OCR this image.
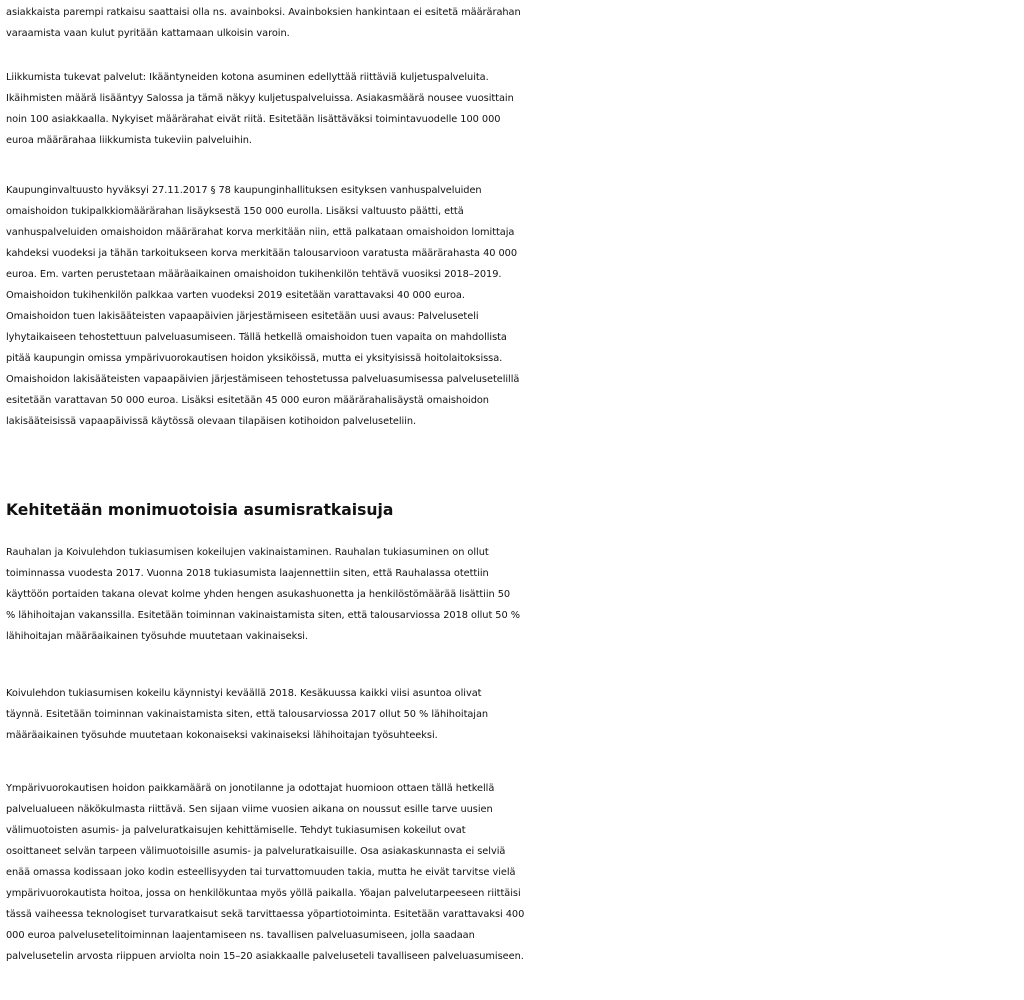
asiakkaista parempi ratkaisu saattaisi olla ns. avainboksi. Avainboksien hankintaan ei esitetä määrärahan
varaamista vaan kulut pyritään kattamaan ulkoisin varoin.
Liikkumista tukevat palvelut: Ikääntyneiden kotona asuminen edellyttää riittäviä kuljetuspalveluita.
Ikäihmisten määrä lisääntyy Salossa ja tämä näkyy kuljetuspalveluissa. Asiakasmäärä nousee vuosittain
noin 100 asiakkaalla. Nykyiset määrärahat eivät riitä. Esitetään lisättäväksi toimintavuodelle 100 000
euroa määrärahaa liikkumista tukeviin palveluihin.
Kaupunginvaltuusto hyväksyi 27.11.2017 § 78 kaupunginhallituksen esityksen vanhuspalveluiden
omaishoidon tukipalkkiomäärärahan lisäyksestä 150 000 eurolla. Lisäksi valtuusto päätti, että
vanhuspalveluiden omaishoidon määrärahat korva merkitään niin, että palkataan omaishoidon lomittaja
kahdeksi vuodeksi ja tähän tarkoitukseen korva merkitään talousarvioon varatusta määrärahasta 40 000
euroa. Em. varten perustetaan määräaikainen omaishoidon tukihenkilön tehtävä vuosiksi 2018–2019.
Omaishoidon tukihenkilön palkkaa varten vuodeksi 2019 esitetään varattavaksi 40 000 euroa.
Omaishoidon tuen lakisääteisten vapaapäivien järjestämiseen esitetään uusi avaus: Palveluseteli
lyhytaikaiseen tehostettuun palveluasumiseen. Tällä hetkellä omaishoidon tuen vapaita on mahdollista
pitää kaupungin omissa ympärivuorokautisen hoidon yksiköissä, mutta ei yksityisissä hoitolaitoksissa.
Omaishoidon lakisääteisten vapaapäivien järjestämiseen tehostetussa palveluasumisessa palvelusetelillä
esitetään varattavan 50 000 euroa. Lisäksi esitetään 45 000 euron määrärahalisäystä omaishoidon
lakisääteisissä vapaapäivissä käytössä olevaan tilapäisen kotihoidon palveluseteliin.
Kehitetään monimuotoisia asumisratkaisuja
Rauhalan ja Koivulehdon tukiasumisen kokeilujen vakinaistaminen. Rauhalan tukiasuminen on ollut
toiminnassa vuodesta 2017. Vuonna 2018 tukiasumista laajennettiin siten, että Rauhalassa otettiin
käyttöön portaiden takana olevat kolme yhden hengen asukashuonetta ja henkilöstömäärää lisättiin 50
% lähihoitajan vakanssilla. Esitetään toiminnan vakinaistamista siten, että talousarviossa 2018 ollut 50 %
lähihoitajan määräaikainen työsuhde muutetaan vakinaiseksi.
Koivulehdon tukiasumisen kokeilu käynnistyi keväällä 2018. Kesäkuussa kaikki viisi asuntoa olivat
täynnä. Esitetään toiminnan vakinaistamista siten, että talousarviossa 2017 ollut 50 % lähihoitajan
määräaikainen työsuhde muutetaan kokonaiseksi vakinaiseksi lähihoitajan työsuhteeksi.
Ympärivuorokautisen hoidon paikkamäärä on jonotilanne ja odottajat huomioon ottaen tällä hetkellä
palvelualueen näkökulmasta riittävä. Sen sijaan viime vuosien aikana on noussut esille tarve uusien
välimuotoisten asumis- ja palveluratkaisujen kehittämiselle. Tehdyt tukiasumisen kokeilut ovat
osoittaneet selvän tarpeen välimuotoisille asumis- ja palveluratkaisuille. Osa asiakaskunnasta ei selviä
enää omassa kodissaan joko kodin esteellisyyden tai turvattomuuden takia, mutta he eivät tarvitse vielä
ympärivuorokautista hoitoa, jossa on henkilökuntaa myös yöllä paikalla. Yöajan palvelutarpeeseen riittäisi
tässä vaiheessa teknologiset turvaratkaisut sekä tarvittaessa yöpartiotoiminta. Esitetään varattavaksi 400
000 euroa palvelusetelitoiminnan laajentamiseen ns. tavallisen palveluasumiseen, jolla saadaan
palvelusetelin arvosta riippuen arviolta noin 15–20 asiakkaalle palveluseteli tavalliseen palveluasumiseen.
